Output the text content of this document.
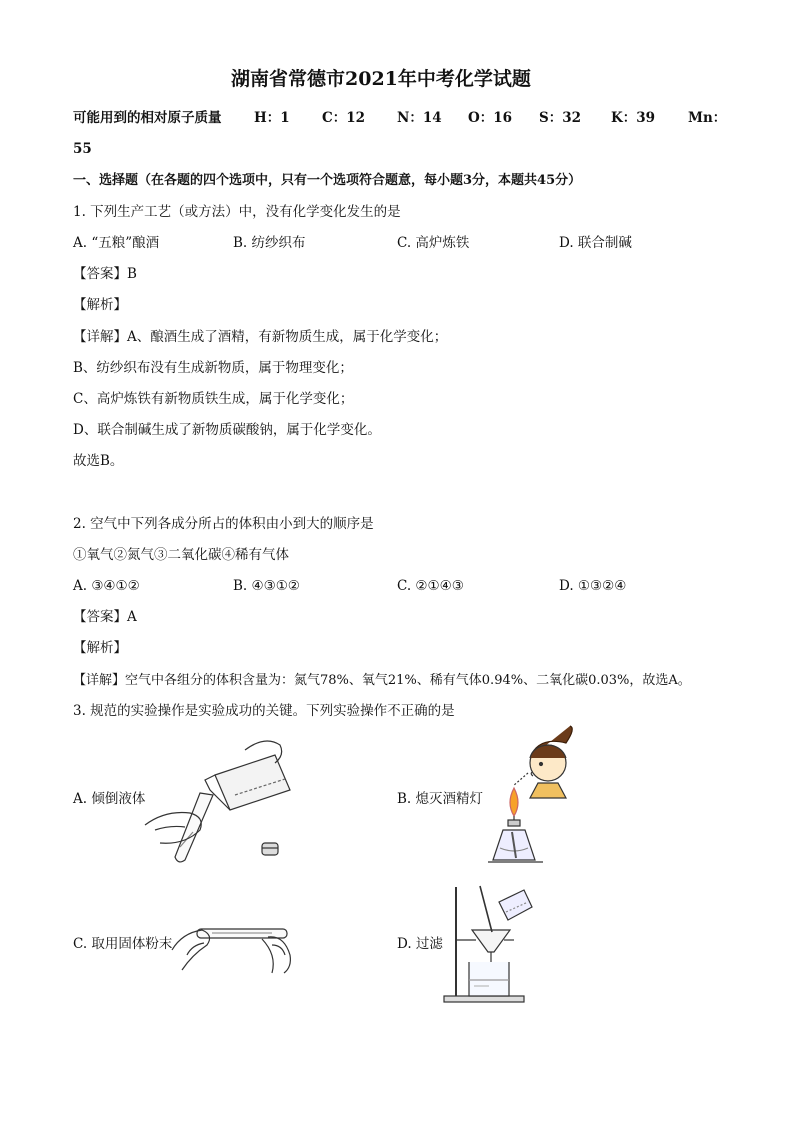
湖南省常德市2021年中考化学试题
可能用到的相对原子质量 H：1 C：12 N：14 O：16 S：32 K：39 Mn：
55
一、选择题（在各题的四个选项中，只有一个选项符合题意，每小题3分，本题共45分）
1. 下列生产工艺（或方法）中，没有化学变化发生的是
A. “五粮”酿酒	B. 纺纱织布	C. 高炉炼铁	D. 联合制碱
【答案】B
【解析】
【详解】A、酿酒生成了酒精，有新物质生成，属于化学变化；
B、纺纱织布没有生成新物质，属于物理变化；
C、高炉炼铁有新物质铁生成，属于化学变化；
D、联合制碱生成了新物质碳酸钠，属于化学变化。
故选B。
2. 空气中下列各成分所占的体积由小到大的顺序是
①氧气②氮气③二氧化碳④稀有气体
A. ③④①②	B. ④③①②	C. ②①④③	D. ①③②④
【答案】A
【解析】
【详解】空气中各组分的体积含量为：氮气78%、氧气21%、稀有气体0.94%、二氧化碳0.03%，故选A。
3. 规范的实验操作是实验成功的关键。下列实验操作不正确的是
A. 倾倒液体	B. 熄灭酒精灯
C. 取用固体粉末	D. 过滤
